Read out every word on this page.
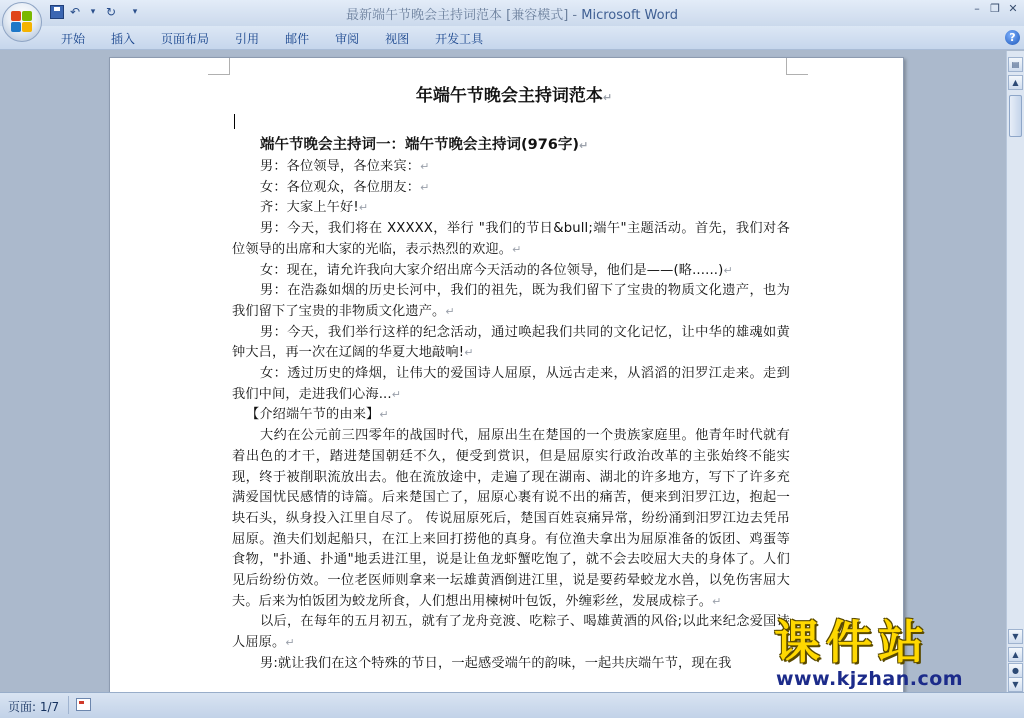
↶	▾ ↻	▾	最新端午节晚会主持词范本 [兼容模式] - Microsoft Word	– ❐ ✕
开始	插入	页面布局	引用	邮件	审阅	视图	开发工具	?
年端午节晚会主持词范本↵
端午节晚会主持词一：端午节晚会主持词(976字)↵
男：各位领导，各位来宾：↵
女：各位观众，各位朋友：↵
齐：大家上午好!↵
男：今天，我们将在 XXXXX，举行 "我们的节日&bull;端午"主题活动。首先，我们对各位领导的出席和大家的光临，表示热烈的欢迎。↵
女：现在，请允许我向大家介绍出席今天活动的各位领导，他们是——(略......)↵
男：在浩淼如烟的历史长河中，我们的祖先，既为我们留下了宝贵的物质文化遗产，也为我们留下了宝贵的非物质文化遗产。↵
男：今天，我们举行这样的纪念活动，通过唤起我们共同的文化记忆，让中华的雄魂如黄钟大吕，再一次在辽阔的华夏大地敲响!↵
女：透过历史的烽烟，让伟大的爱国诗人屈原，从远古走来，从滔滔的汨罗江走来。走到我们中间，走进我们心海...↵
【介绍端午节的由来】↵
大约在公元前三四零年的战国时代，屈原出生在楚国的一个贵族家庭里。他青年时代就有着出色的才干，踏进楚国朝廷不久，便受到赏识，但是屈原实行政治改革的主张始终不能实现，终于被削职流放出去。他在流放途中，走遍了现在湖南、湖北的许多地方，写下了许多充满爱国忧民感情的诗篇。后来楚国亡了，屈原心裹有说不出的痛苦，便来到汨罗江边，抱起一块石头，纵身投入江里自尽了。 传说屈原死后，楚国百姓哀痛异常，纷纷涌到汨罗江边去凭吊屈原。渔夫们划起船只，在江上来回打捞他的真身。有位渔夫拿出为屈原准备的饭团、鸡蛋等食物，"扑通、扑通"地丢进江里，说是让鱼龙虾蟹吃饱了，就不会去咬屈大夫的身体了。人们见后纷纷仿效。一位老医师则拿来一坛雄黄酒倒进江里，说是要药晕蛟龙水兽，以免伤害屈大夫。后来为怕饭团为蛟龙所食，人们想出用楝树叶包饭，外缠彩丝，发展成棕子。↵
以后，在每年的五月初五，就有了龙舟竞渡、吃粽子、喝雄黄酒的风俗;以此来纪念爱国诗人屈原。↵
男:就让我们在这个特殊的节日，一起感受端午的韵味，一起共庆端午节，现在我
▤
▲
▼
▲
●
▼
页面: 1/7
课件站
www.kjzhan.com
